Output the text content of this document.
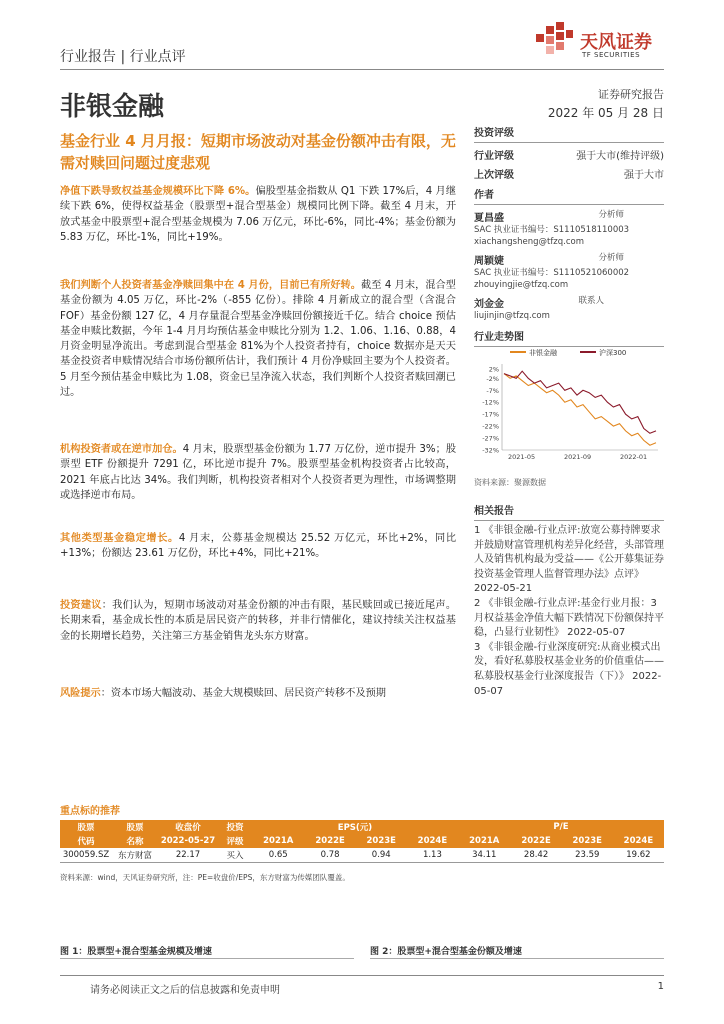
行业报告 | 行业点评
天风证券
TF SECURITIES
非银金融	证券研究报告
2022 年 05 月 28 日
基金行业 4 月月报：短期市场波动对基金份额冲击有限，无需对赎回问题过度悲观
净值下跌导致权益基金规模环比下降 6%。偏股型基金指数从 Q1 下跌 17%后，4 月继续下跌 6%，使得权益基金（股票型+混合型基金）规模同比例下降。截至 4 月末，开放式基金中股票型+混合型基金规模为 7.06 万亿元，环比-6%，同比-4%；基金份额为 5.83 万亿，环比-1%，同比+19%。
我们判断个人投资者基金净赎回集中在 4 月份，目前已有所好转。截至 4 月末，混合型基金份额为 4.05 万亿，环比-2%（-855 亿份）。排除 4 月新成立的混合型（含混合 FOF）基金份额 127 亿，4 月存量混合型基金净赎回份额接近千亿。结合 choice 预估基金申赎比数据，今年 1-4 月月均预估基金申赎比分别为 1.2、1.06、1.16、0.88，4 月资金明显净流出。考虑到混合型基金 81%为个人投资者持有，choice 数据亦是天天基金投资者申赎情况结合市场份额所估计，我们预计 4 月份净赎回主要为个人投资者。5 月至今预估基金申赎比为 1.08，资金已呈净流入状态，我们判断个人投资者赎回潮已过。
机构投资者或在逆市加仓。4 月末，股票型基金份额为 1.77 万亿份，逆市提升 3%；股票型 ETF 份额提升 7291 亿，环比逆市提升 7%。股票型基金机构投资者占比较高，2021 年底占比达 34%。我们判断，机构投资者相对个人投资者更为理性，市场调整期或选择逆市布局。
其他类型基金稳定增长。4 月末，公募基金规模达 25.52 万亿元，环比+2%，同比+13%；份额达 23.61 万亿份，环比+4%，同比+21%。
投资建议：我们认为，短期市场波动对基金份额的冲击有限，基民赎回或已接近尾声。长期来看，基金成长性的本质是居民资产的转移，并非行情催化，建议持续关注权益基金的长期增长趋势，关注第三方基金销售龙头东方财富。
风险提示：资本市场大幅波动、基金大规模赎回、居民资产转移不及预期
投资评级
行业评级	强于大市(维持评级)
上次评级	强于大市
作者
夏昌盛	分析师
SAC 执业证书编号：S1110518110003
xiachangsheng@tfzq.com
周颖婕	分析师
SAC 执业证书编号：S1110521060002
zhouyingjie@tfzq.com
刘金金	联系人
liujinjin@tfzq.com
行业走势图
非银金融	沪深300
2%
-2%
-7%
-12%
-17%
-22%
-27%
-32%
2021-05	2021-09	2022-01
资料来源：聚源数据
相关报告
1 《非银金融-行业点评:放宽公募持牌要求并鼓励财富管理机构差异化经营，头部管理人及销售机构最为受益——《公开募集证券投资基金管理人监督管理办法》点评》 2022-05-21
2 《非银金融-行业点评:基金行业月报：3 月权益基金净值大幅下跌情况下份额保持平稳，凸显行业韧性》 2022-05-07
3 《非银金融-行业深度研究:从商业模式出发，看好私募股权基金业务的价值重估——私募股权基金行业深度报告（下）》 2022-05-07
重点标的推荐
股票	股票	收盘价	投资	EPS(元)				P/E			
代码	名称	2022-05-27	评级	2021A	2022E	2023E	2024E	2021A	2022E	2023E	2024E
300059.SZ	东方财富	22.17	买入	0.65	0.78	0.94	1.13	34.11	28.42	23.59	19.62
资料来源：wind，天风证券研究所，注：PE=收盘价/EPS，东方财富为传媒团队覆盖。
图 1：股票型+混合型基金规模及增速	图 2：股票型+混合型基金份额及增速
请务必阅读正文之后的信息披露和免责申明	1
